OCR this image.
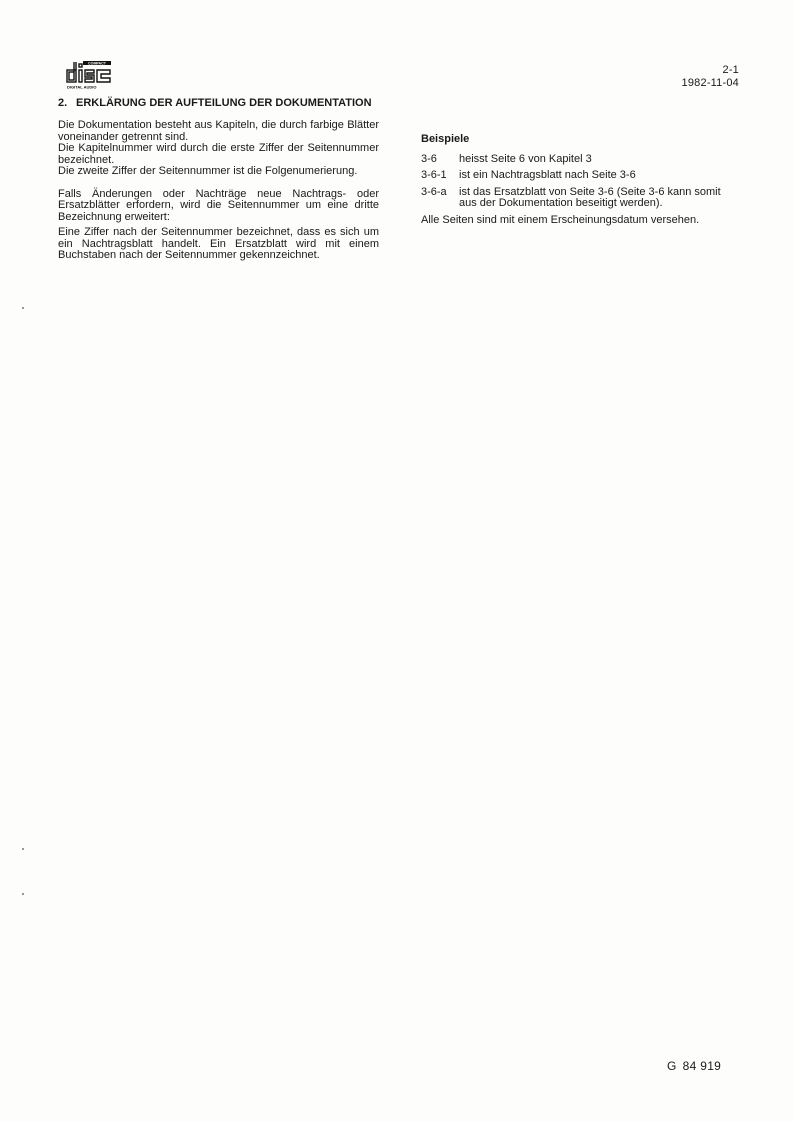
COMPACT
DIGITAL AUDIO
2-1
1982-11-04
2. ERKLÄRUNG DER AUFTEILUNG DER DOKUMENTATION

Die Dokumentation besteht aus Kapiteln, die durch farbige Blätter voneinander getrennt sind.

Die Kapitelnummer wird durch die erste Ziffer der Seitennummer bezeichnet.

Die zweite Ziffer der Seitennummer ist die Folgenumerierung.

Falls Änderungen oder Nachträge neue Nachtrags- oder Ersatzblätter erfordern, wird die Seitennummer um eine dritte Bezeichnung erweitert:

Eine Ziffer nach der Seitennummer bezeichnet, dass es sich um ein Nachtragsblatt handelt. Ein Ersatzblatt wird mit einem Buchstaben nach der Seitennummer gekennzeichnet.

Beispiele
3-6	heisst Seite 6 von Kapitel 3
3-6-1	ist ein Nachtragsblatt nach Seite 3-6
3-6-a	ist das Ersatzblatt von Seite 3-6 (Seite 3-6 kann somit aus der Dokumentation beseitigt werden).
Alle Seiten sind mit einem Erscheinungsdatum versehen.
G 84 919
